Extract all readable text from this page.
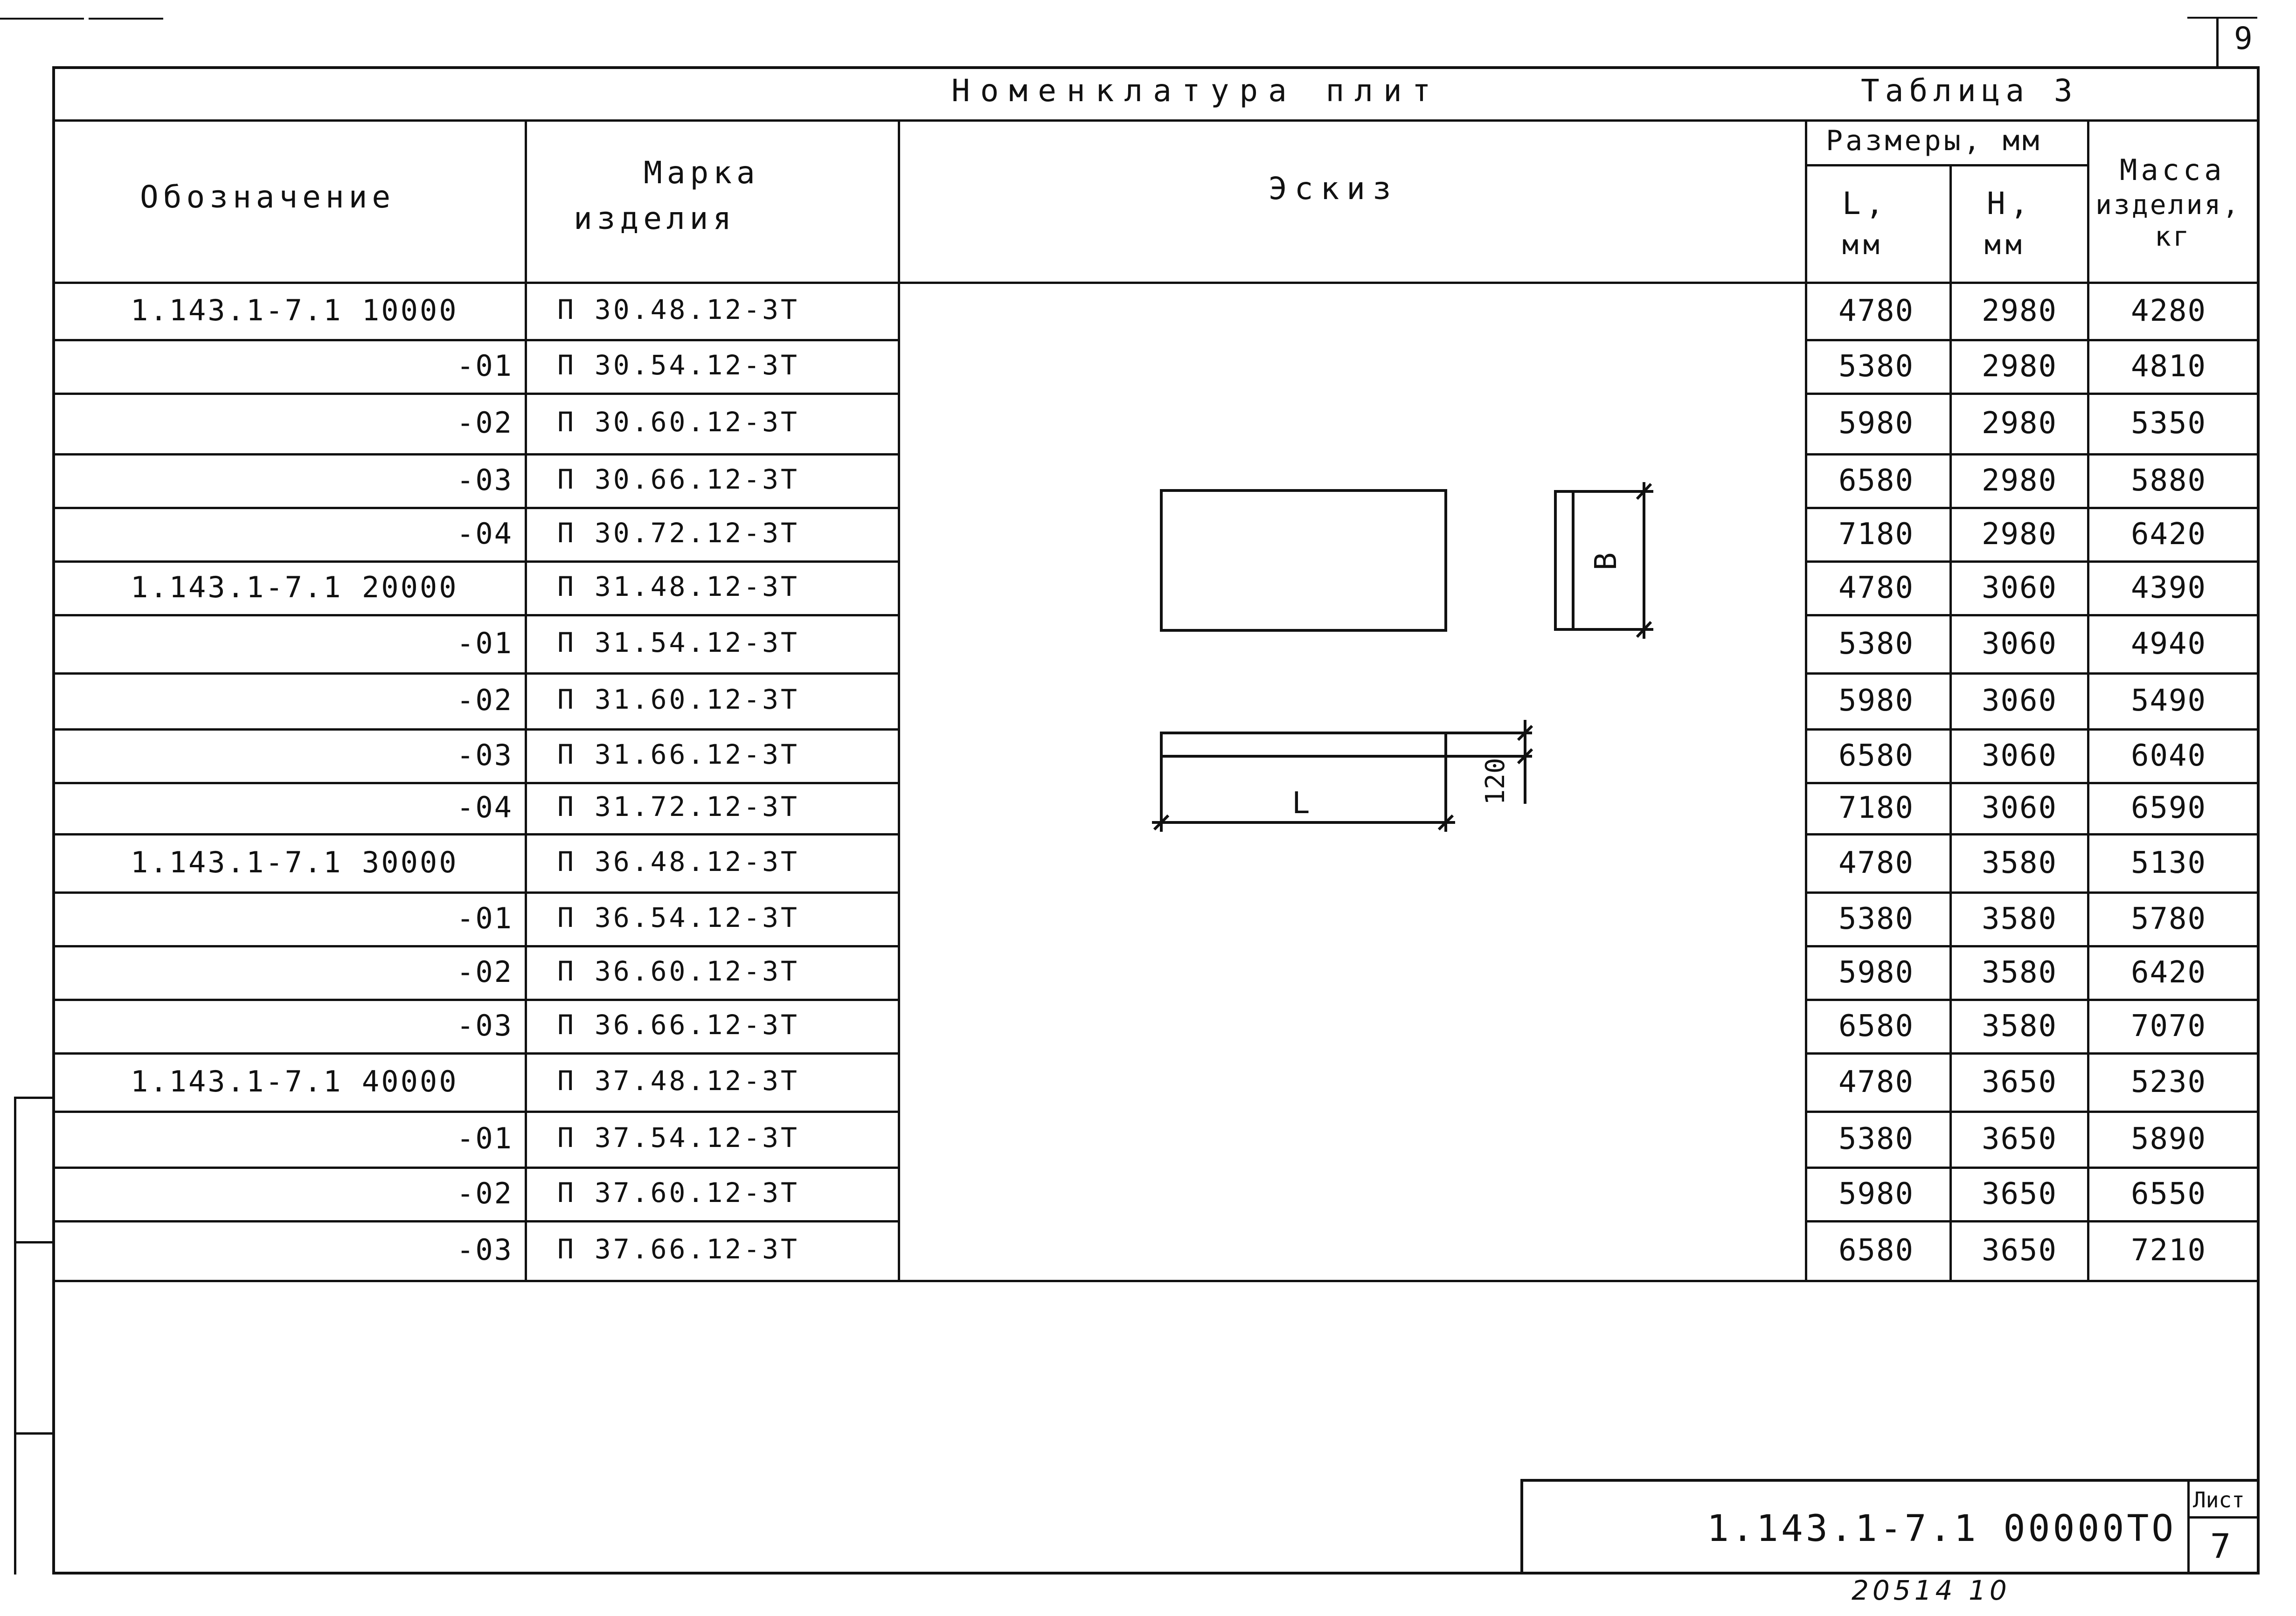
9
Номенклатура плит	Таблица 3
Обозначение
Марка
изделия
Эскиз
Размеры, мм
L,
мм
H,
мм
Масса
изделия,
кг
1.143.1-7.1 10000	П 30.48.12-3Т	4780	2980	4280
-01 П 30.54.12-3Т	5380	2980	4810
-02 П 30.60.12-3Т	5980	2980	5350
-03 П 30.66.12-3Т	6580	2980	5880
-04 П 30.72.12-3Т	7180	2980	6420
1.143.1-7.1 20000	П 31.48.12-3Т	4780	3060	4390
-01 П 31.54.12-3Т	5380	3060	4940
-02 П 31.60.12-3Т	5980	3060	5490
-03 П 31.66.12-3Т	6580	3060	6040
-04 П 31.72.12-3Т	7180	3060	6590
1.143.1-7.1 30000	П 36.48.12-3Т	4780	3580	5130
-01 П 36.54.12-3Т	5380	3580	5780
-02 П 36.60.12-3Т	5980	3580	6420
-03 П 36.66.12-3Т	6580	3580	7070
1.143.1-7.1 40000	П 37.48.12-3Т	4780	3650	5230
-01 П 37.54.12-3Т	5380	3650	5890
-02 П 37.60.12-3Т	5980	3650	6550
-03 П 37.66.12-3Т	6580	3650	7210
B
L	120
1.143.1-7.1 00000ТО
Лист
7
20514 10
